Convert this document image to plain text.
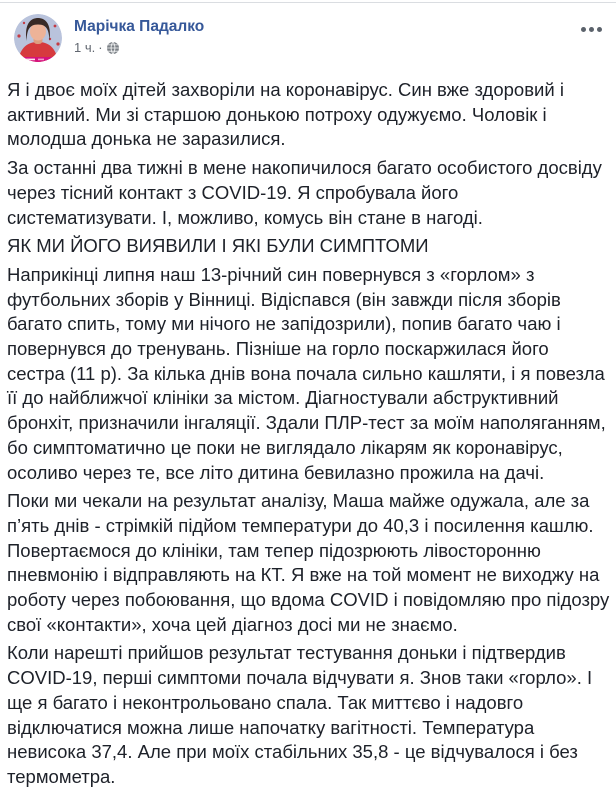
Марічка Падалко
1 ч. ·

Я і двоє моїх дітей захворіли на коронавірус. Син вже здоровий і активний. Ми зі старшою донькою потроху одужуємо. Чоловік і молодша донька не заразилися.

За останні два тижні в мене накопичилося багато особистого досвіду через тісний контакт з COVID-19. Я спробувала його систематизувати. І, можливо, комусь він стане в нагоді.

ЯК МИ ЙОГО ВИЯВИЛИ І ЯКІ БУЛИ СИМПТОМИ

Наприкінці липня наш 13-річний син повернувся з «горлом» з футбольних зборів у Вінниці. Відіспався (він завжди після зборів багато спить, тому ми нічого не запідозрили), попив багато чаю і повернувся до тренувань. Пізніше на горло поскаржилася його сестра (11 р). За кілька днів вона почала сильно кашляти, і я повезла її до найближчої клініки за містом. Діагностували абструктивний бронхіт, призначили інгаляції. Здали ПЛР-тест за моїм наполяганням, бо симптоматично це поки не виглядало лікарям як коронавірус, осоливо через те, все літо дитина бевилазно прожила на дачі.

Поки ми чекали на результат аналізу, Маша майже одужала, але за п’ять днів - стрімкій підйом температури до 40,3 і посилення кашлю. Повертаємося до клініки, там тепер підозрюють лівосторонню пневмонію і відправляють на КТ. Я вже на той момент не виходжу на роботу через побоювання, що вдома COVID і повідомляю про підозру свої «контакти», хоча цей діагноз досі ми не знаємо.

Коли нарешті прийшов результат тестування доньки і підтвердив COVID-19, перші симптоми почала відчувати я. Знов таки «горло». І ще я багато і неконтрольовано спала. Так миттєво і надовго відключатися можна лише напочатку вагітності. Температура невисока 37,4. Але при моїх стабільних 35,8 - це відчувалося і без термометра.
